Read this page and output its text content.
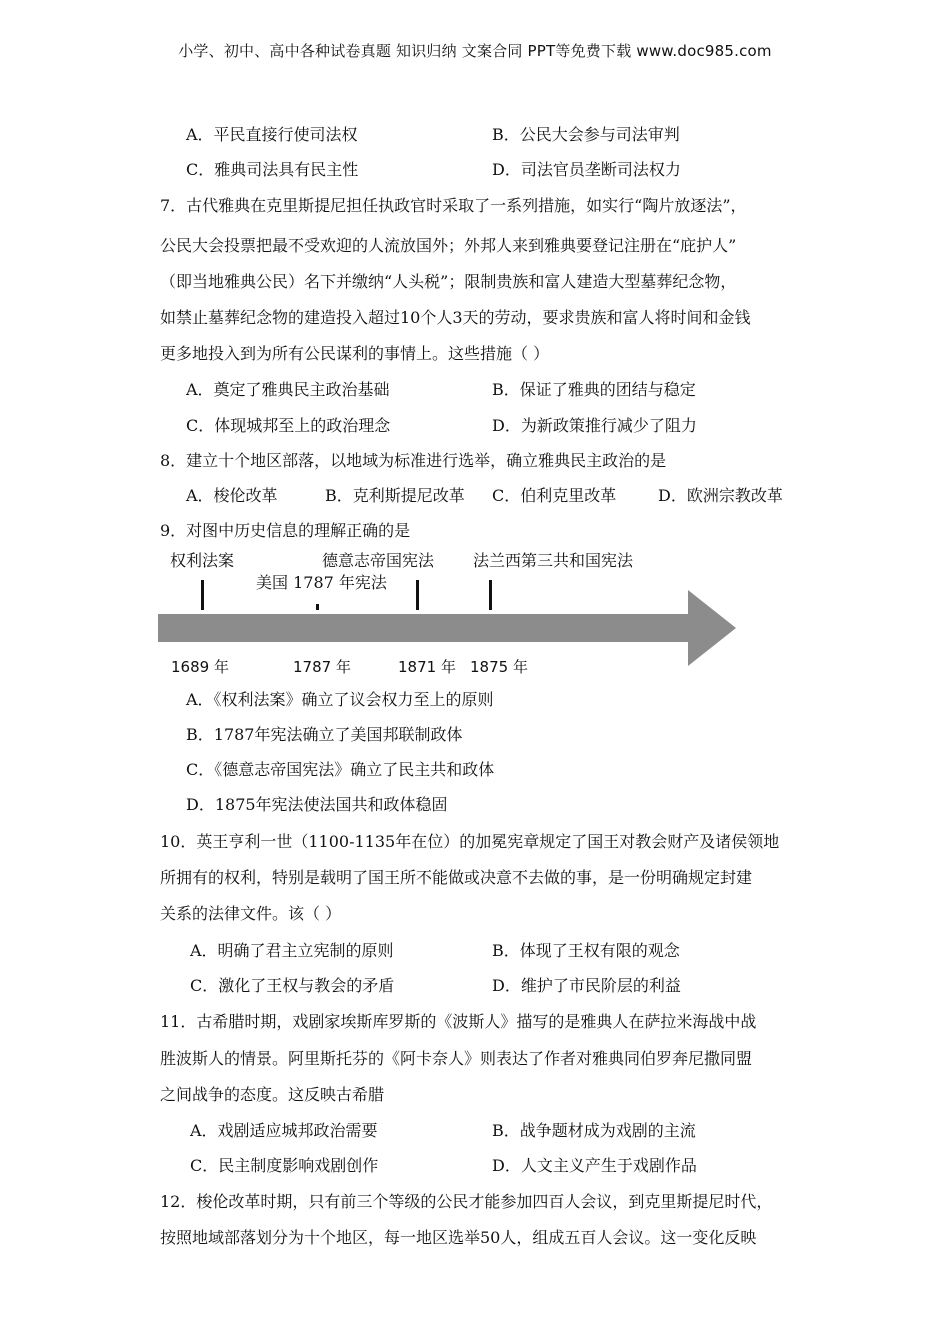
小学、初中、高中各种试卷真题 知识归纳 文案合同 PPT等免费下载 www.doc985.com
A．平民直接行使司法权	B．公民大会参与司法审判
C．雅典司法具有民主性	D．司法官员垄断司法权力
7．古代雅典在克里斯提尼担任执政官时采取了一系列措施，如实行“陶片放逐法”，
公民大会投票把最不受欢迎的人流放国外；外邦人来到雅典要登记注册在“庇护人”
（即当地雅典公民）名下并缴纳“人头税”；限制贵族和富人建造大型墓葬纪念物，
如禁止墓葬纪念物的建造投入超过10个人3天的劳动，要求贵族和富人将时间和金钱
更多地投入到为所有公民谋利的事情上。这些措施（ ）
A．奠定了雅典民主政治基础	B．保证了雅典的团结与稳定
C．体现城邦至上的政治理念	D．为新政策推行减少了阻力
8．建立十个地区部落，以地域为标准进行选举，确立雅典民主政治的是
A．梭伦改革	B．克利斯提尼改革 C．伯利克里改革	D．欧洲宗教改革
9．对图中历史信息的理解正确的是
权利法案
美国 1787 年宪法
德意志帝国宪法 法兰西第三共和国宪法
1689 年	1787 年	1871 年 1875 年
A．《权利法案》确立了议会权力至上的原则
B．1787年宪法确立了美国邦联制政体
C．《德意志帝国宪法》确立了民主共和政体
D．1875年宪法使法国共和政体稳固
10．英王亨利一世（1100-1135年在位）的加冕宪章规定了国王对教会财产及诸侯领地
所拥有的权利，特别是载明了国王所不能做或决意不去做的事，是一份明确规定封建
关系的法律文件。该（ ）
A．明确了君主立宪制的原则	B．体现了王权有限的观念
C．激化了王权与教会的矛盾	D．维护了市民阶层的利益
11．古希腊时期，戏剧家埃斯库罗斯的《波斯人》描写的是雅典人在萨拉米海战中战
胜波斯人的情景。阿里斯托芬的《阿卡奈人》则表达了作者对雅典同伯罗奔尼撒同盟
之间战争的态度。这反映古希腊
A．戏剧适应城邦政治需要	B．战争题材成为戏剧的主流
C．民主制度影响戏剧创作	D．人文主义产生于戏剧作品
12．梭伦改革时期，只有前三个等级的公民才能参加四百人会议，到克里斯提尼时代，
按照地域部落划分为十个地区，每一地区选举50人，组成五百人会议。这一变化反映
